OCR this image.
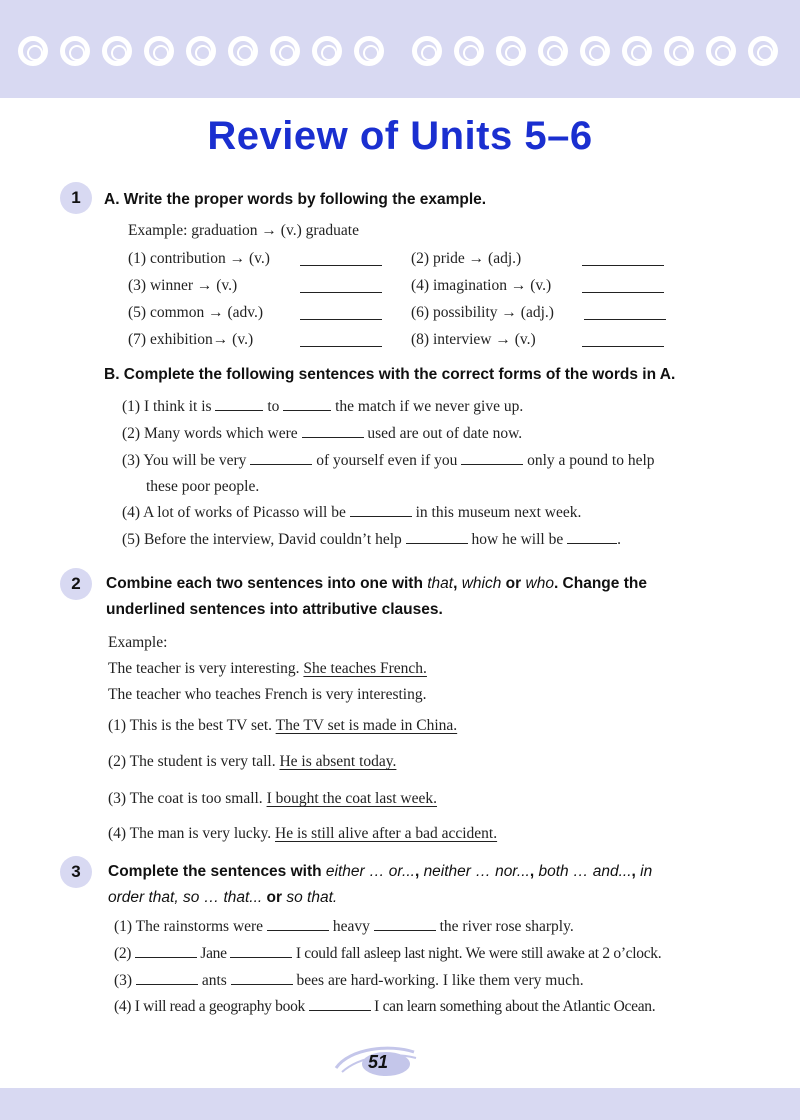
Review of Units 5–6
1	A. Write the proper words by following the example.
Example: graduation → (v.) graduate
(1) contribution → (v.)	(2) pride → (adj.)
(3) winner → (v.)	(4) imagination → (v.)
(5) common → (adv.)	(6) possibility → (adj.)
(7) exhibition→ (v.)	(8) interview → (v.)
B. Complete the following sentences with the correct forms of the words in A.
(1) I think it is	to	the match if we never give up.
(2) Many words which were	used are out of date now.
(3) You will be very	of yourself even if you	only a pound to help
these poor people.
(4) A lot of works of Picasso will be	in this museum next week.
(5) Before the interview, David couldn’t help	how he will be	.
2	Combine each two sentences into one with that, which or who. Change the
underlined sentences into attributive clauses.
Example:
The teacher is very interesting. She teaches French.
The teacher who teaches French is very interesting.
(1) This is the best TV set. The TV set is made in China.
(2) The student is very tall. He is absent today.
(3) The coat is too small. I bought the coat last week.
(4) The man is very lucky. He is still alive after a bad accident.
3	Complete the sentences with either … or..., neither … nor..., both … and..., in
order that, so … that... or so that.
(1) The rainstorms were	heavy	the river rose sharply.
(2)	Jane	I could fall asleep last night. We were still awake at 2 o’clock.
(3)	ants	bees are hard-working. I like them very much.
(4) I will read a geography book	I can learn something about the Atlantic Ocean.
51
